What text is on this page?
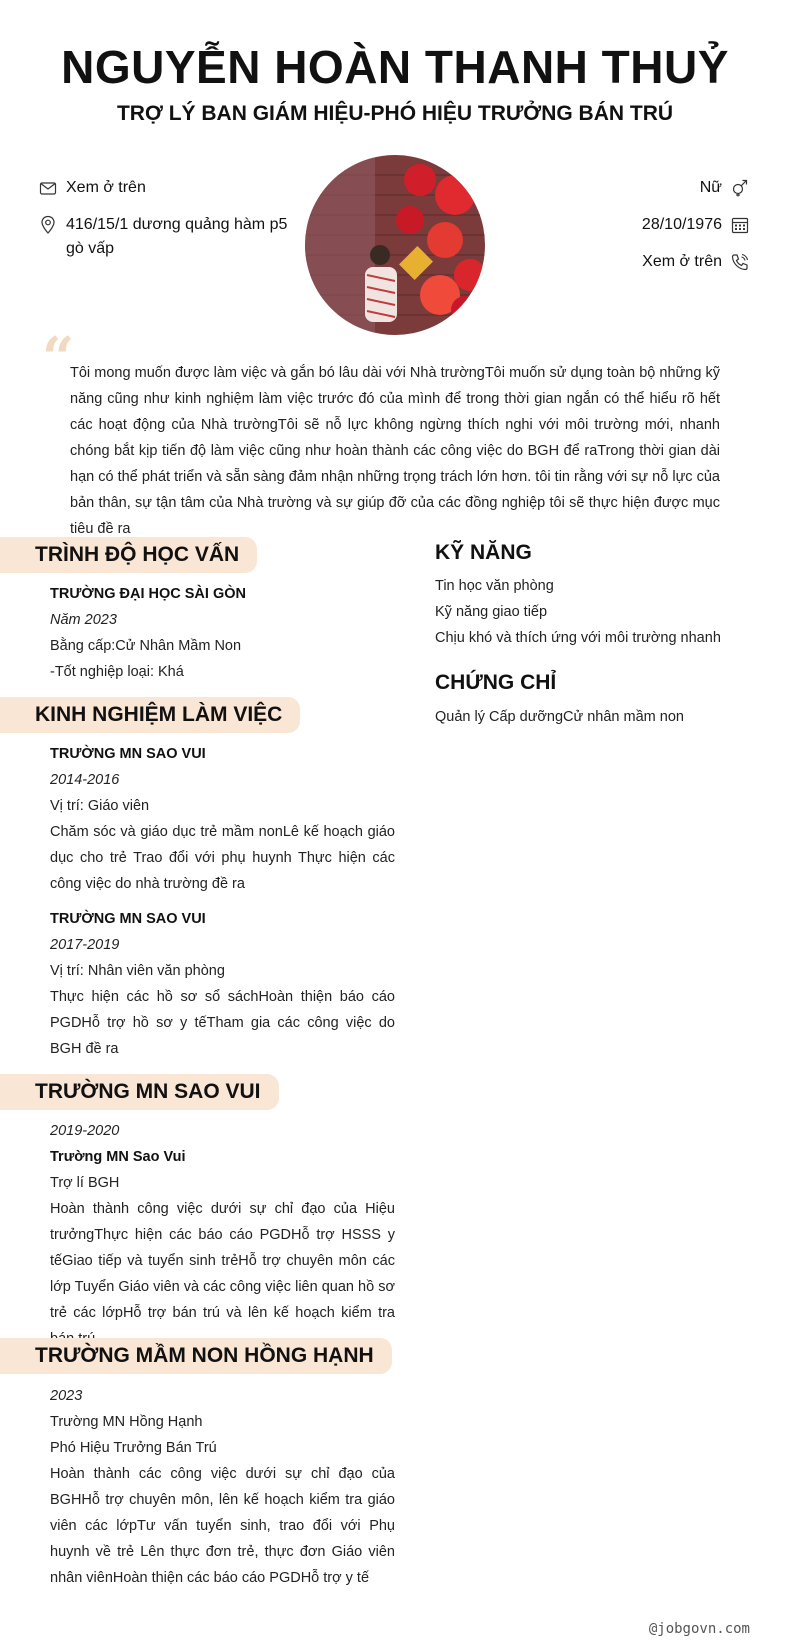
NGUYỄN HOÀN THANH THUỶ
TRỢ LÝ BAN GIÁM HIỆU-PHÓ HIỆU TRƯỞNG BÁN TRÚ
Xem ở trên
416/15/1 dương quảng hàm p5 gò vấp
Nữ
28/10/1976
Xem ở trên
“
Tôi mong muốn được làm việc và gắn bó lâu dài với Nhà trườngTôi muốn sử dụng toàn bộ những kỹ năng cũng như kinh nghiệm làm việc trước đó của mình để trong thời gian ngắn có thể hiểu rõ hết các hoạt động của Nhà trườngTôi sẽ nỗ lực không ngừng thích nghi với môi trường mới, nhanh chóng bắt kịp tiến độ làm việc cũng như hoàn thành các công việc do BGH để raTrong thời gian dài hạn có thể phát triển và sẵn sàng đảm nhận những trọng trách lớn hơn. tôi tin rằng với sự nỗ lực của bản thân, sự tận tâm của Nhà trường và sự giúp đỡ của các đồng nghiệp tôi sẽ thực hiện được mục tiêu đề ra
TRÌNH ĐỘ HỌC VẤN
TRƯỜNG ĐẠI HỌC SÀI GÒN
Năm 2023
Bằng cấp:Cử Nhân Mầm Non
-Tốt nghiệp loại: Khá
KINH NGHIỆM LÀM VIỆC
TRƯỜNG MN SAO VUI
2014-2016
Vị trí: Giáo viên
Chăm sóc và giáo dục trẻ mầm nonLê kế hoạch giáo dục cho trẻ Trao đổi với phụ huynh Thực hiện các công việc do nhà trường đề ra
TRƯỜNG MN SAO VUI
2017-2019
Vị trí: Nhân viên văn phòng
Thực hiện các hồ sơ sổ sáchHoàn thiện báo cáo PGDHỗ trợ hồ sơ y tếTham gia các công việc do BGH đề ra
TRƯỜNG MN SAO VUI
2019-2020
Trường MN Sao Vui
Trợ lí BGH
Hoàn thành công việc dưới sự chỉ đạo của Hiệu trưởngThực hiện các báo cáo PGDHỗ trợ HSSS y tếGiao tiếp và tuyển sinh trẻHỗ trợ chuyên môn các lớp Tuyển Giáo viên và các công việc liên quan hồ sơ trẻ các lớpHỗ trợ bán trú và lên kế hoạch kiểm tra
TRƯỜNG MẦM NON HỒNG HẠNH
2023
Trường MN Hồng Hạnh
Phó Hiệu Trưởng Bán Trú
Hoàn thành các công việc dưới sự chỉ đạo của BGHHỗ trợ chuyên môn, lên kế hoạch kiểm tra giáo viên các lớpTư vấn tuyển sinh, trao đổi với Phụ huynh về trẻ Lên thực đơn trẻ, thực đơn Giáo viên nhân viênHoàn thiện các báo cáo PGDHỗ trợ y tế
KỸ NĂNG
Tin học văn phòng
Kỹ năng giao tiếp
Chịu khó và thích ứng với môi trường nhanh
CHỨNG CHỈ
Quản lý Cấp dưỡngCử nhân mầm non
@jobgovn.com
